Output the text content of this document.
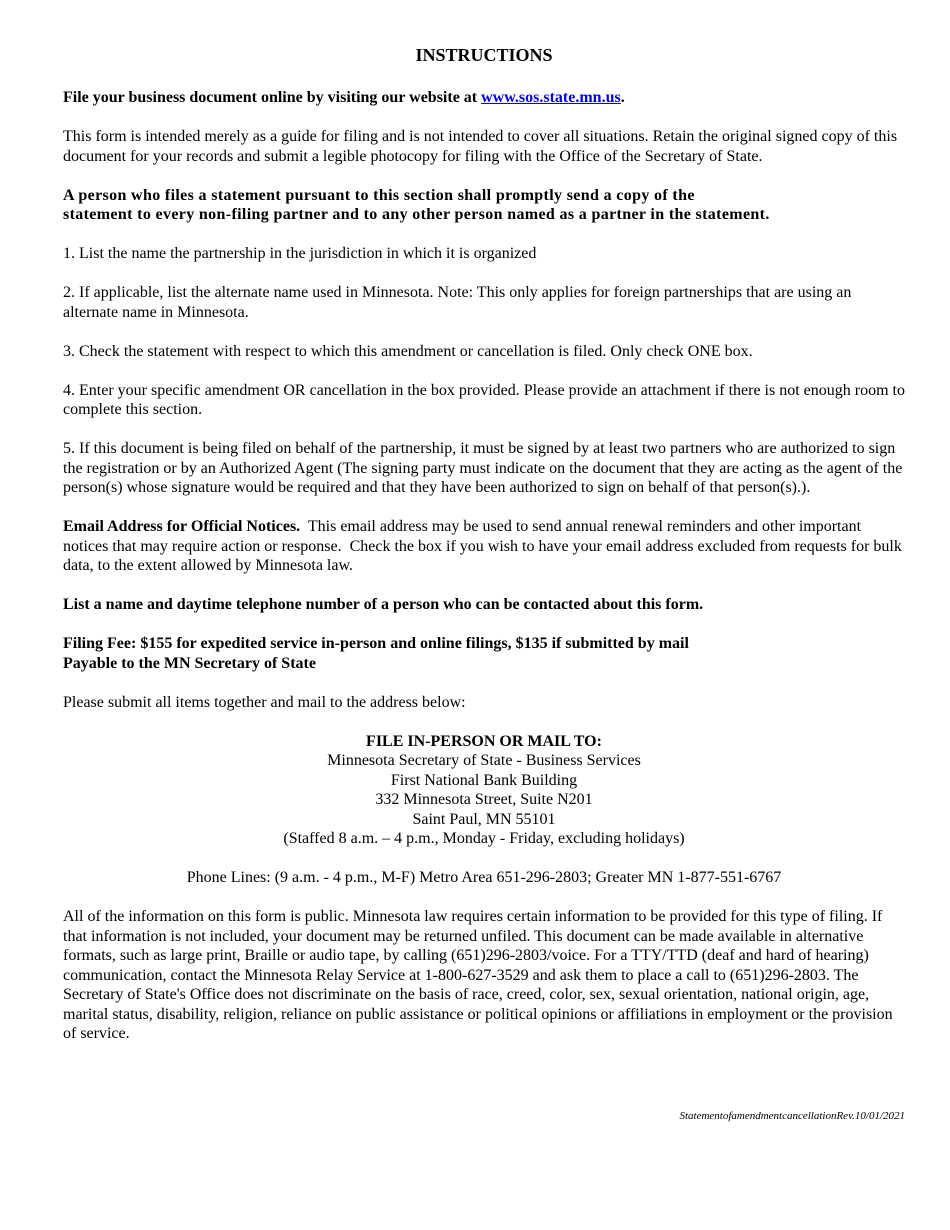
INSTRUCTIONS

File your business document online by visiting our website at www.sos.state.mn.us.

This form is intended merely as a guide for filing and is not intended to cover all situations. Retain the original signed copy of this document for your records and submit a legible photocopy for filing with the Office of the Secretary of State.

A person who files a statement pursuant to this section shall promptly send a copy of the
statement to every non-filing partner and to any other person named as a partner in the statement.

1. List the name the partnership in the jurisdiction in which it is organized

2. If applicable, list the alternate name used in Minnesota. Note: This only applies for foreign partnerships that are using an alternate name in Minnesota.

3. Check the statement with respect to which this amendment or cancellation is filed. Only check ONE box.

4. Enter your specific amendment OR cancellation in the box provided. Please provide an attachment if there is not enough room to complete this section.

5. If this document is being filed on behalf of the partnership, it must be signed by at least two partners who are authorized to sign the registration or by an Authorized Agent (The signing party must indicate on the document that they are acting as the agent of the person(s) whose signature would be required and that they have been authorized to sign on behalf of that person(s).).

Email Address for Official Notices.  This email address may be used to send annual renewal reminders and other important notices that may require action or response.  Check the box if you wish to have your email address excluded from requests for bulk data, to the extent allowed by Minnesota law.

List a name and daytime telephone number of a person who can be contacted about this form.

Filing Fee: $155 for expedited service in-person and online filings, $135 if submitted by mail
Payable to the MN Secretary of State

Please submit all items together and mail to the address below:

FILE IN-PERSON OR MAIL TO:
Minnesota Secretary of State - Business Services
First National Bank Building
332 Minnesota Street, Suite N201
Saint Paul, MN 55101
(Staffed 8 a.m. – 4 p.m., Monday - Friday, excluding holidays)

Phone Lines: (9 a.m. - 4 p.m., M-F) Metro Area 651-296-2803; Greater MN 1-877-551-6767

All of the information on this form is public. Minnesota law requires certain information to be provided for this type of filing. If that information is not included, your document may be returned unfiled. This document can be made available in alternative formats, such as large print, Braille or audio tape, by calling (651)296-2803/voice. For a TTY/TTD (deaf and hard of hearing) communication, contact the Minnesota Relay Service at 1-800-627-3529 and ask them to place a call to (651)296-2803. The Secretary of State's Office does not discriminate on the basis of race, creed, color, sex, sexual orientation, national origin, age, marital status, disability, religion, reliance on public assistance or political opinions or affiliations in employment or the provision of service.

StatementofamendmentcancellationRev.10/01/2021
